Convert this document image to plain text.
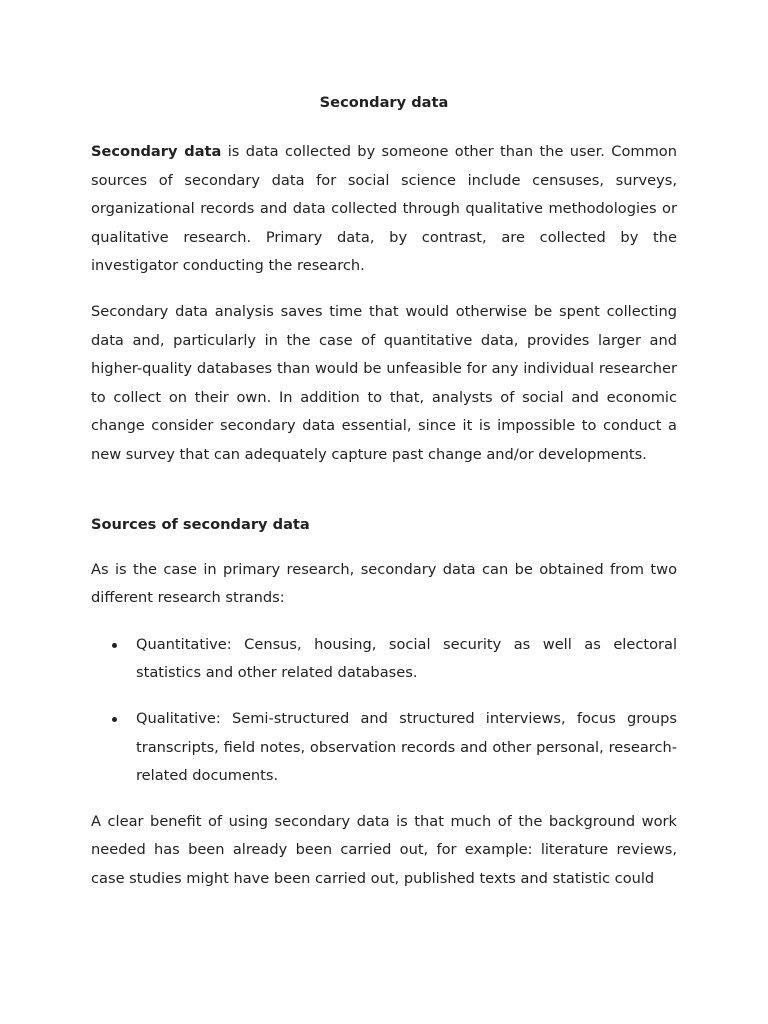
Secondary data

Secondary data is data collected by someone other than the user. Common sources of secondary data for social science include censuses, surveys, organizational records and data collected through qualitative methodologies or qualitative research. Primary data, by contrast, are collected by the investigator conducting the research.

Secondary data analysis saves time that would otherwise be spent collecting data and, particularly in the case of quantitative data, provides larger and higher-quality databases than would be unfeasible for any individual researcher to collect on their own. In addition to that, analysts of social and economic change consider secondary data essential, since it is impossible to conduct a new survey that can adequately capture past change and/or developments.

Sources of secondary data

As is the case in primary research, secondary data can be obtained from two different research strands:

Quantitative: Census, housing, social security as well as electoral statistics and other related databases.
Qualitative: Semi-structured and structured interviews, focus groups transcripts, field notes, observation records and other personal, research-related documents.

A clear benefit of using secondary data is that much of the background work needed has been already been carried out, for example: literature reviews, case studies might have been carried out, published texts and statistic could
